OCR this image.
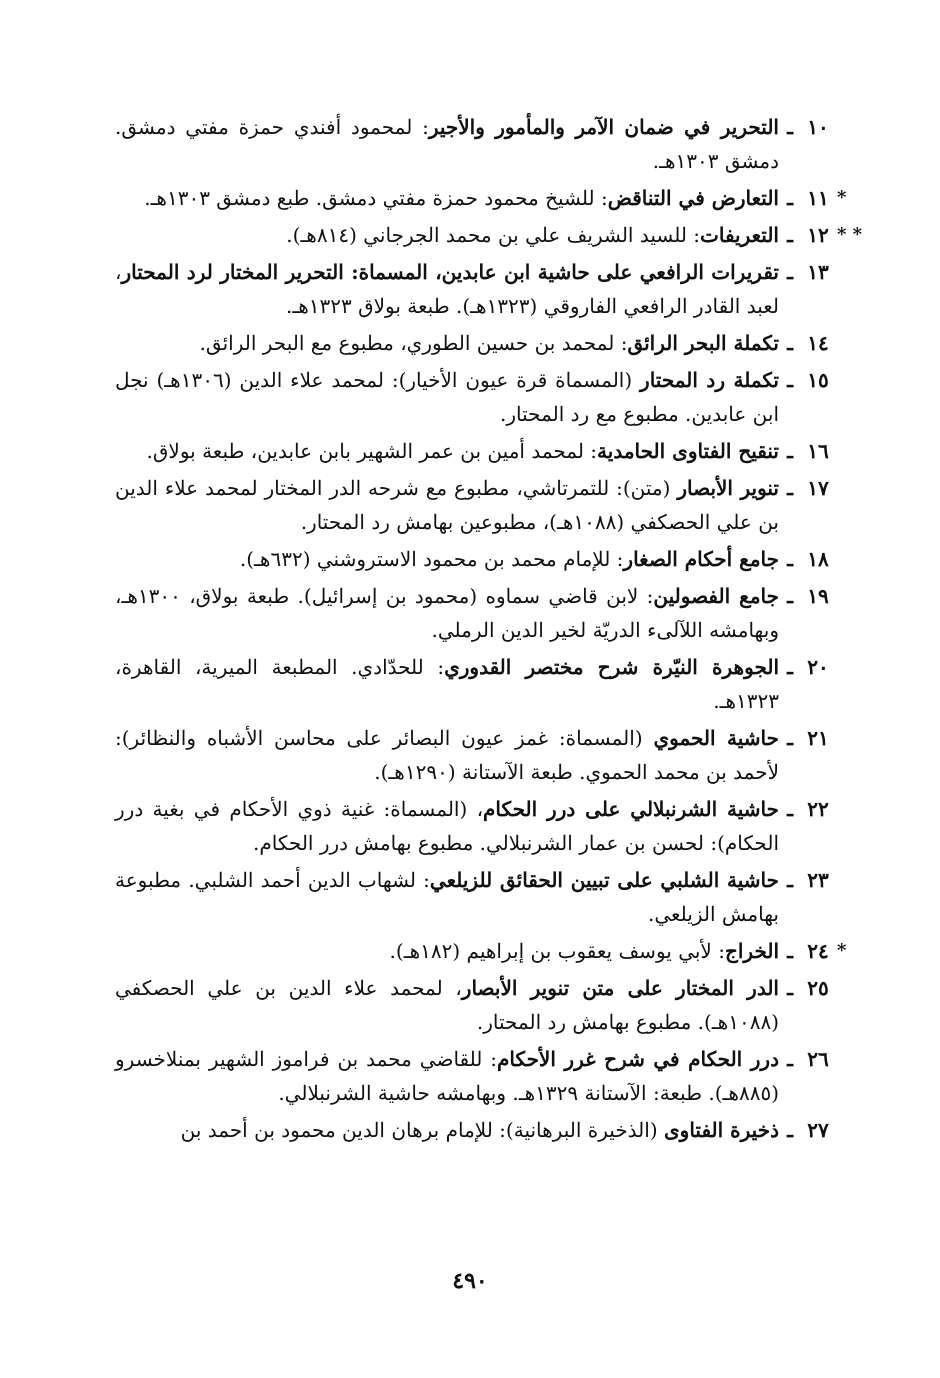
١٠
ـ
التحرير في ضمان الآمر والمأمور والأجير: لمحمود أفندي حمزة مفتي دمشق. دمشق ١٣٠٣هـ.
*
١١
ـ
التعارض في التناقض: للشيخ محمود حمزة مفتي دمشق. طبع دمشق ١٣٠٣هـ.
* *
١٢
ـ
التعريفات: للسيد الشريف علي بن محمد الجرجاني (٨١٤هـ).
١٣
ـ
تقريرات الرافعي على حاشية ابن عابدين، المسماة: التحرير المختار لرد المحتار، لعبد القادر الرافعي الفاروقي (١٣٢٣هـ). طبعة بولاق ١٣٢٣هـ.
١٤
ـ
تكملة البحر الرائق: لمحمد بن حسين الطوري، مطبوع مع البحر الرائق.
١٥
ـ
تكملة رد المحتار (المسماة قرة عيون الأخيار): لمحمد علاء الدين (١٣٠٦هـ) نجل ابن عابدين. مطبوع مع رد المحتار.
١٦
ـ
تنقيح الفتاوى الحامدية: لمحمد أمين بن عمر الشهير بابن عابدين، طبعة بولاق.
١٧
ـ
تنوير الأبصار (متن): للتمرتاشي، مطبوع مع شرحه الدر المختار لمحمد علاء الدين بن علي الحصكفي (١٠٨٨هـ)، مطبوعين بهامش رد المحتار.
١٨
ـ
جامع أحكام الصغار: للإمام محمد بن محمود الاستروشني (٦٣٢هـ).
١٩
ـ
جامع الفصولين: لابن قاضي سماوه (محمود بن إسرائيل). طبعة بولاق، ١٣٠٠هـ، وبهامشه اللآلىء الدريّة لخير الدين الرملي.
٢٠
ـ
الجوهرة النيّرة شرح مختصر القدوري: للحدّادي. المطبعة الميرية، القاهرة، ١٣٢٣هـ.
٢١
ـ
حاشية الحموي (المسماة: غمز عيون البصائر على محاسن الأشباه والنظائر): لأحمد بن محمد الحموي. طبعة الآستانة (١٢٩٠هـ).
٢٢
ـ
حاشية الشرنبلالي على درر الحكام، (المسماة: غنية ذوي الأحكام في بغية درر الحكام): لحسن بن عمار الشرنبلالي. مطبوع بهامش درر الحكام.
٢٣
ـ
حاشية الشلبي على تبيين الحقائق للزيلعي: لشهاب الدين أحمد الشلبي. مطبوعة بهامش الزيلعي.
*
٢٤
ـ
الخراج: لأبي يوسف يعقوب بن إبراهيم (١٨٢هـ).
٢٥
ـ
الدر المختار على متن تنوير الأبصار، لمحمد علاء الدين بن علي الحصكفي (١٠٨٨هـ). مطبوع بهامش رد المحتار.
٢٦
ـ
درر الحكام في شرح غرر الأحكام: للقاضي محمد بن فراموز الشهير بمنلاخسرو (٨٨٥هـ). طبعة: الآستانة ١٣٢٩هـ. وبهامشه حاشية الشرنبلالي.
٢٧
ـ
ذخيرة الفتاوى (الذخيرة البرهانية): للإمام برهان الدين محمود بن أحمد بن
٤٩٠
